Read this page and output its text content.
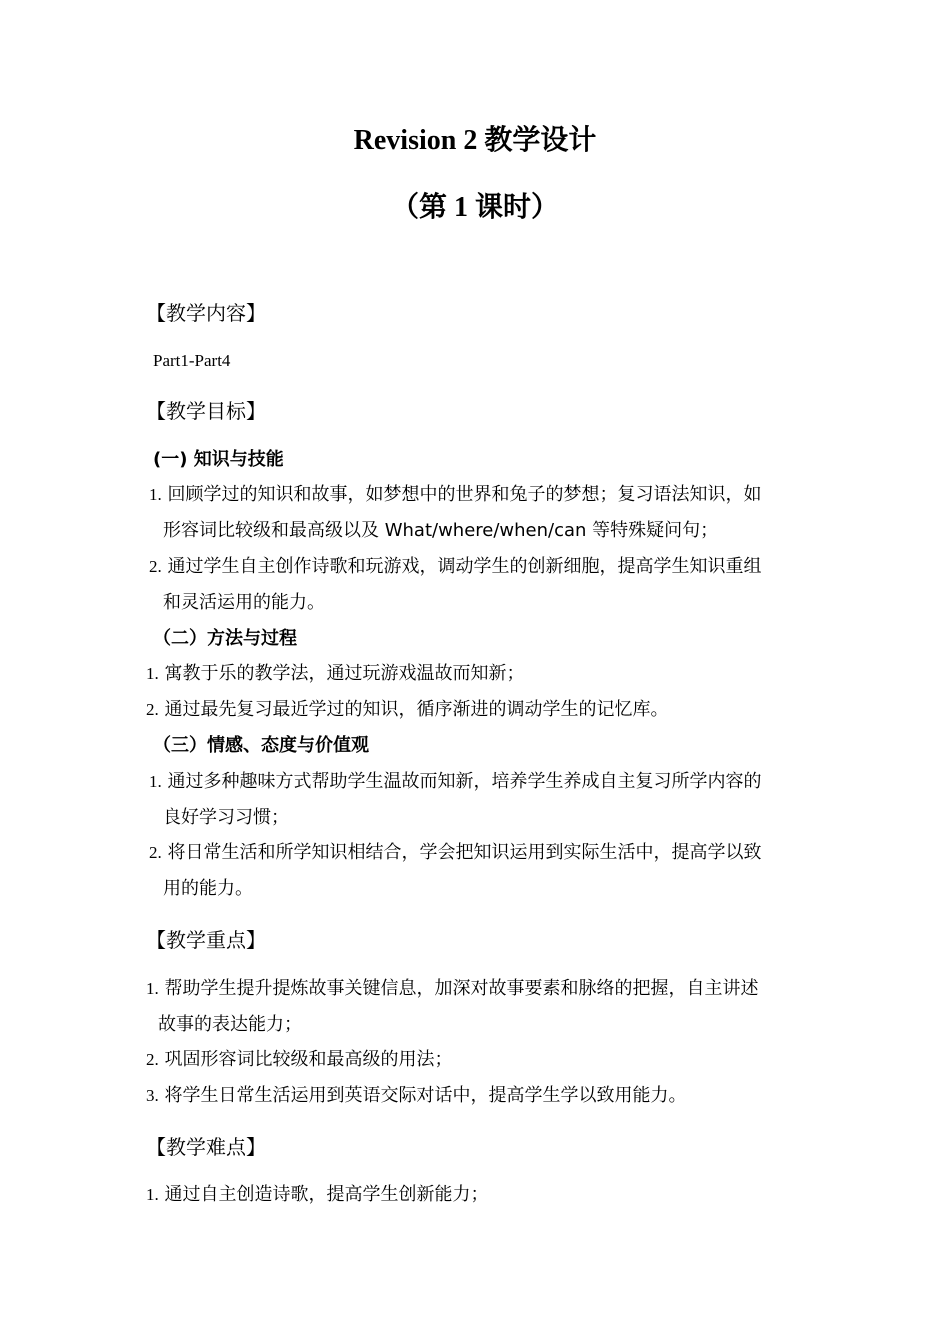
Revision 2 教学设计
（第 1 课时）
【教学内容】
Part1-Part4
【教学目标】
(一) 知识与技能
1. 回顾学过的知识和故事，如梦想中的世界和兔子的梦想；复习语法知识，如
形容词比较级和最高级以及 What/where/when/can 等特殊疑问句；
2. 通过学生自主创作诗歌和玩游戏，调动学生的创新细胞，提高学生知识重组
和灵活运用的能力。
（二）方法与过程
1. 寓教于乐的教学法，通过玩游戏温故而知新；
2. 通过最先复习最近学过的知识，循序渐进的调动学生的记忆库。
（三）情感、态度与价值观
1. 通过多种趣味方式帮助学生温故而知新，培养学生养成自主复习所学内容的
良好学习习惯；
2. 将日常生活和所学知识相结合，学会把知识运用到实际生活中，提高学以致
用的能力。
【教学重点】
1. 帮助学生提升提炼故事关键信息，加深对故事要素和脉络的把握，自主讲述
故事的表达能力；
2. 巩固形容词比较级和最高级的用法；
3. 将学生日常生活运用到英语交际对话中，提高学生学以致用能力。
【教学难点】
1. 通过自主创造诗歌，提高学生创新能力；
